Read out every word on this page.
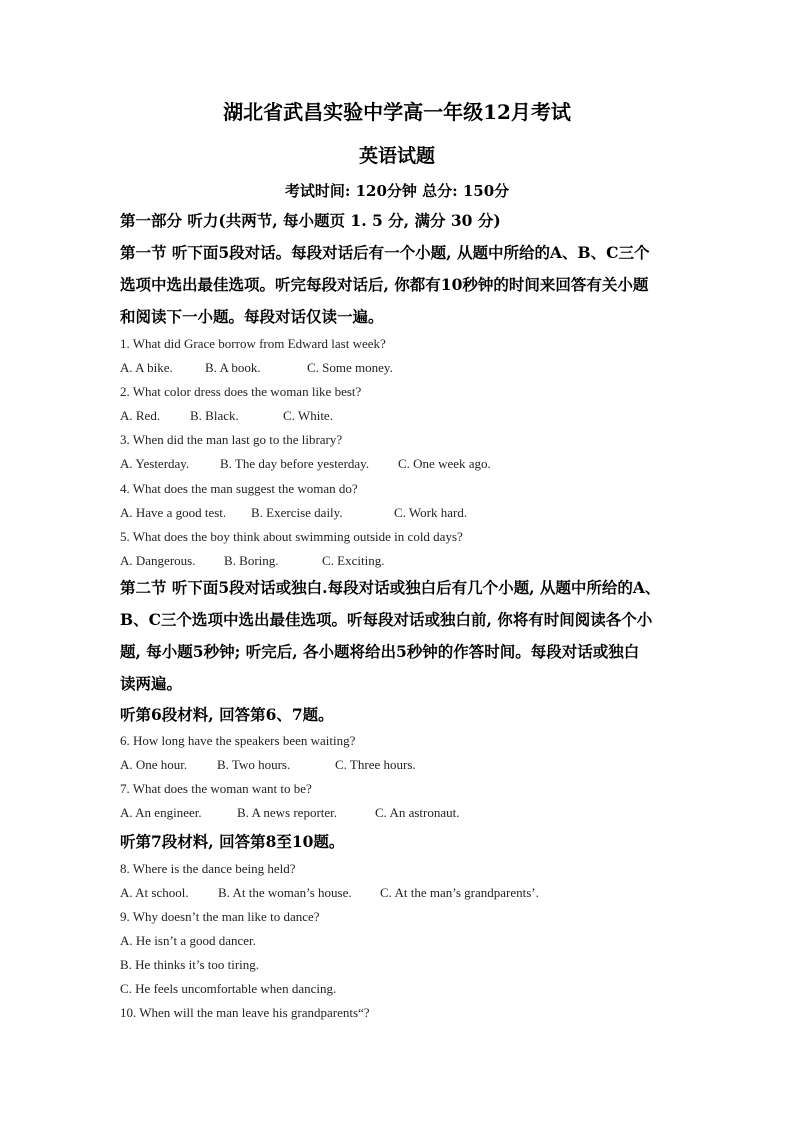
湖北省武昌实验中学高一年级12月考试
英语试题
考试时间: 120分钟 总分: 150分
第一部分 听力(共两节, 每小题页 1. 5 分, 满分 30 分)
第一节 听下面5段对话。每段对话后有一个小题, 从题中所给的A、B、C三个
选项中选出最佳选项。听完每段对话后, 你都有10秒钟的时间来回答有关小题
和阅读下一小题。每段对话仅读一遍。
1. What did Grace borrow from Edward last week?
A. A bike. B. A book.	C. Some money.
2. What color dress does the woman like best?
A. Red. B. Black.	C. White.
3. When did the man last go to the library?
A. Yesterday. B. The day before yesterday. C. One week ago.
4. What does the man suggest the woman do?
A. Have a good test. B. Exercise daily.	C. Work hard.
5. What does the boy think about swimming outside in cold days?
A. Dangerous. B. Boring.	C. Exciting.
第二节 听下面5段对话或独白.每段对话或独白后有几个小题, 从题中所给的A、
B、C三个选项中选出最佳选项。听每段对话或独白前, 你将有时间阅读各个小
题, 每小题5秒钟; 听完后, 各小题将给出5秒钟的作答时间。每段对话或独白
读两遍。
听第6段材料, 回答第6、7题。
6. How long have the speakers been waiting?
A. One hour. B. Two hours.	C. Three hours.
7. What does the woman want to be?
A. An engineer.	B. A news reporter.	C. An astronaut.
听第7段材料, 回答第8至10题。
8. Where is the dance being held?
A. At school. B. At the woman’s house. C. At the man’s grandparents’.
9. Why doesn’t the man like to dance?
A. He isn’t a good dancer.
B. He thinks it’s too tiring.
C. He feels uncomfortable when dancing.
10. When will the man leave his grandparents“?
